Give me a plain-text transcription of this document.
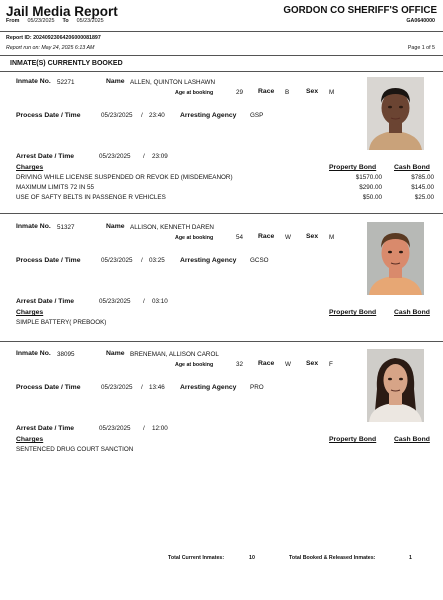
Jail Media Report	GORDON CO SHERIFF'S OFFICE
GA0640000
From 05/23/2025 To 05/23/2025
Report ID: 20240923064206000081897
Report run on: May 24, 2025 6:13 AM	Page 1 of 5
INMATE(S) CURRENTLY BOOKED
Inmate No. 52271	Name ALLEN, QUINTON LASHAWN
Age at booking	29 Race B Sex M
Process Date / Time	05/23/2025 / 23:40 Arresting Agency GSP
Arrest Date / Time	05/23/2025 / 23:09
Charges	Property Bond	Cash Bond
DRIVING WHILE LICENSE SUSPENDED OR REVOK ED (MISDEMEANOR)	$1570.00	$785.00
MAXIMUM LIMITS 72 IN 55	$290.00	$145.00
USE OF SAFTY BELTS IN PASSENGE R VEHICLES	$50.00	$25.00
Inmate No. 51327	Name ALLISON, KENNETH DAREN
Age at booking	54 Race W Sex M
Process Date / Time	05/23/2025 / 03:25 Arresting Agency GCSO
Arrest Date / Time	05/23/2025 / 03:10
Charges	Property Bond	Cash Bond
SIMPLE BATTERY( PREBOOK)
Inmate No. 38095	Name BRENEMAN, ALLISON CAROL
Age at booking	32 Race W Sex F
Process Date / Time	05/23/2025 / 13:46 Arresting Agency PRO
Arrest Date / Time	05/23/2025 / 12:00
Charges	Property Bond	Cash Bond
SENTENCED DRUG COURT SANCTION
Total Current Inmates:	10	Total Booked & Released Inmates:	1
